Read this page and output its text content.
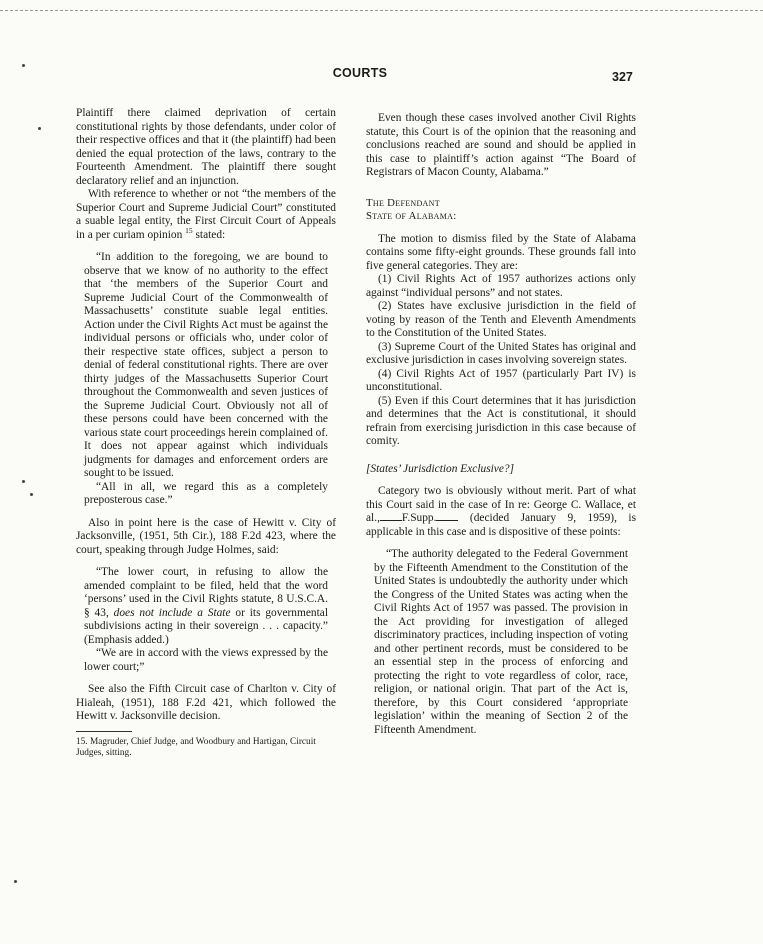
COURTS	327

Plaintiff there claimed deprivation of certain constitutional rights by those defendants, under color of their respective offices and that it (the plaintiff) had been denied the equal protection of the laws, contrary to the Fourteenth Amendment. The plaintiff there sought declaratory relief and an injunction.

With reference to whether or not “the members of the Superior Court and Supreme Judicial Court” constituted a suable legal entity, the First Circuit Court of Appeals in a per curiam opinion $^{15}$ stated:

“In addition to the foregoing, we are bound to observe that we know of no authority to the effect that ‘the members of the Superior Court and Supreme Judicial Court of the Commonwealth of Massachusetts’ constitute suable legal entities. Action under the Civil Rights Act must be against the individual persons or officials who, under color of their respective state offices, subject a person to denial of federal constitutional rights. There are over thirty judges of the Massachusetts Superior Court throughout the Commonwealth and seven justices of the Supreme Judicial Court. Obviously not all of these persons could have been concerned with the various state court proceedings herein complained of. It does not appear against which individuals judgments for damages and enforcement orders are sought to be issued.

“All in all, we regard this as a completely preposterous case.”

Also in point here is the case of Hewitt v. City of Jacksonville, (1951, 5th Cir.), 188 F.2d 423, where the court, speaking through Judge Holmes, said:

“The lower court, in refusing to allow the amended complaint to be filed, held that the word ‘persons’ used in the Civil Rights statute, 8 U.S.C.A. § 43, does not include a State or its governmental subdivisions acting in their sovereign . . . capacity.” (Emphasis added.)

“We are in accord with the views expressed by the lower court;”

See also the Fifth Circuit case of Charlton v. City of Hialeah, (1951), 188 F.2d 421, which followed the Hewitt v. Jacksonville decision.

15. Magruder, Chief Judge, and Woodbury and Hartigan, Circuit Judges, sitting.

Even though these cases involved another Civil Rights statute, this Court is of the opinion that the reasoning and conclusions reached are sound and should be applied in this case to plaintiff’s action against “The Board of Registrars of Macon County, Alabama.”

The Defendant

State of Alabama:

The motion to dismiss filed by the State of Alabama contains some fifty-eight grounds. These grounds fall into five general categories. They are:

(1) Civil Rights Act of 1957 authorizes actions only against “individual persons” and not states.

(2) States have exclusive jurisdiction in the field of voting by reason of the Tenth and Eleventh Amendments to the Constitution of the United States.

(3) Supreme Court of the United States has original and exclusive jurisdiction in cases involving sovereign states.

(4) Civil Rights Act of 1957 (particularly Part IV) is unconstitutional.

(5) Even if this Court determines that it has jurisdiction and determines that the Act is constitutional, it should refrain from exercising jurisdiction in this case because of comity.

[States’ Jurisdiction Exclusive?]

Category two is obviously without merit. Part of what this Court said in the case of In re: George C. Wallace, et al., F.Supp. (decided January 9, 1959), is applicable in this case and is dispositive of these points:

“The authority delegated to the Federal Government by the Fifteenth Amendment to the Constitution of the United States is undoubtedly the authority under which the Congress of the United States was acting when the Civil Rights Act of 1957 was passed. The provision in the Act providing for investigation of alleged discriminatory practices, including inspection of voting and other pertinent records, must be considered to be an essential step in the process of enforcing and protecting the right to vote regardless of color, race, religion, or national origin. That part of the Act is, therefore, by this Court considered ‘appropriate legislation’ within the meaning of Section 2 of the Fifteenth Amendment.
